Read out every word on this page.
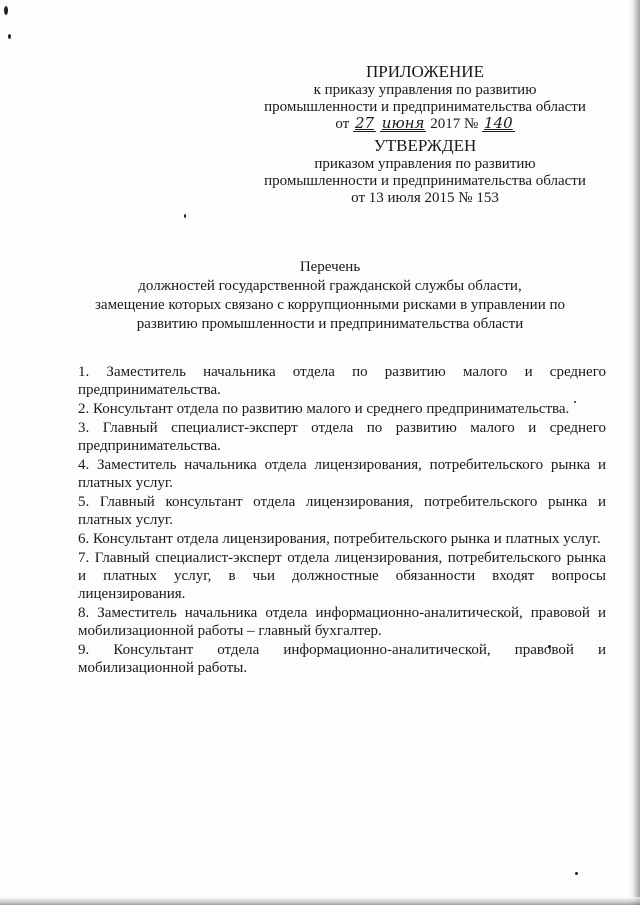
ПРИЛОЖЕНИЕ
к приказу управления по развитию
промышленности и предпринимательства области
от 27 июня 2017 № 140
УТВЕРЖДЕН
приказом управления по развитию
промышленности и предпринимательства области
от 13 июля 2015 № 153
Перечень
должностей государственной гражданской службы области,
замещение которых связано с коррупционными рисками в управлении по
развитию промышленности и предпринимательства области

1. Заместитель начальника отдела по развитию малого и среднего предпринимательства.

2. Консультант отдела по развитию малого и среднего предпринимательства.

3. Главный специалист-эксперт отдела по развитию малого и среднего предпринимательства.

4. Заместитель начальника отдела лицензирования, потребительского рынка и платных услуг.

5. Главный консультант отдела лицензирования, потребительского рынка и платных услуг.

6. Консультант отдела лицензирования, потребительского рынка и платных услуг.

7. Главный специалист-эксперт отдела лицензирования, потребительского рынка и платных услуг, в чьи должностные обязанности входят вопросы лицензирования.

8. Заместитель начальника отдела информационно-аналитической, правовой и мобилизационной работы – главный бухгалтер.

9. Консультант отдела информационно-аналитической, правовой и мобилизационной работы.
